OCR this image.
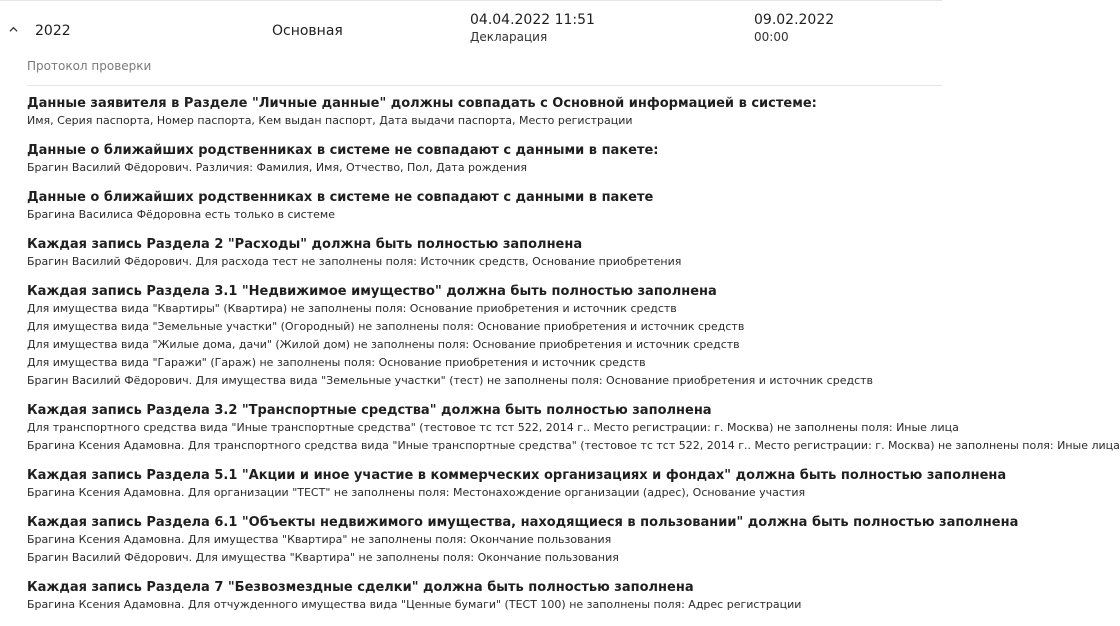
2022	Основная
04.04.2022 11:51
Декларация
09.02.2022
00:00
Протокол проверки
Данные заявителя в Разделе "Личные данные" должны совпадать с Основной информацией в системе:
Имя, Серия паспорта, Номер паспорта, Кем выдан паспорт, Дата выдачи паспорта, Место регистрации
Данные о ближайших родственниках в системе не совпадают с данными в пакете:
Брагин Василий Фёдорович. Различия: Фамилия, Имя, Отчество, Пол, Дата рождения
Данные о ближайших родственниках в системе не совпадают с данными в пакете
Брагина Василиса Фёдоровна есть только в системе
Каждая запись Раздела 2 "Расходы" должна быть полностью заполнена
Брагин Василий Фёдорович. Для расхода тест не заполнены поля: Источник средств, Основание приобретения
Каждая запись Раздела 3.1 "Недвижимое имущество" должна быть полностью заполнена
Для имущества вида "Квартиры" (Квартира) не заполнены поля: Основание приобретения и источник средств
Для имущества вида "Земельные участки" (Огородный) не заполнены поля: Основание приобретения и источник средств
Для имущества вида "Жилые дома, дачи" (Жилой дом) не заполнены поля: Основание приобретения и источник средств
Для имущества вида "Гаражи" (Гараж) не заполнены поля: Основание приобретения и источник средств
Брагин Василий Фёдорович. Для имущества вида "Земельные участки" (тест) не заполнены поля: Основание приобретения и источник средств
Каждая запись Раздела 3.2 "Транспортные средства" должна быть полностью заполнена
Для транспортного средства вида "Иные транспортные средства" (тестовое тс тст 522, 2014 г.. Место регистрации: г. Москва) не заполнены поля: Иные лица
Брагина Ксения Адамовна. Для транспортного средства вида "Иные транспортные средства" (тестовое тс тст 522, 2014 г.. Место регистрации: г. Москва) не заполнены поля: Иные лица
Каждая запись Раздела 5.1 "Акции и иное участие в коммерческих организациях и фондах" должна быть полностью заполнена
Брагина Ксения Адамовна. Для организации "ТЕСТ" не заполнены поля: Местонахождение организации (адрес), Основание участия
Каждая запись Раздела 6.1 "Объекты недвижимого имущества, находящиеся в пользовании" должна быть полностью заполнена
Брагина Ксения Адамовна. Для имущества "Квартира" не заполнены поля: Окончание пользования
Брагин Василий Фёдорович. Для имущества "Квартира" не заполнены поля: Окончание пользования
Каждая запись Раздела 7 "Безвозмездные сделки" должна быть полностью заполнена
Брагина Ксения Адамовна. Для отчужденного имущества вида "Ценные бумаги" (ТЕСТ 100) не заполнены поля: Адрес регистрации
